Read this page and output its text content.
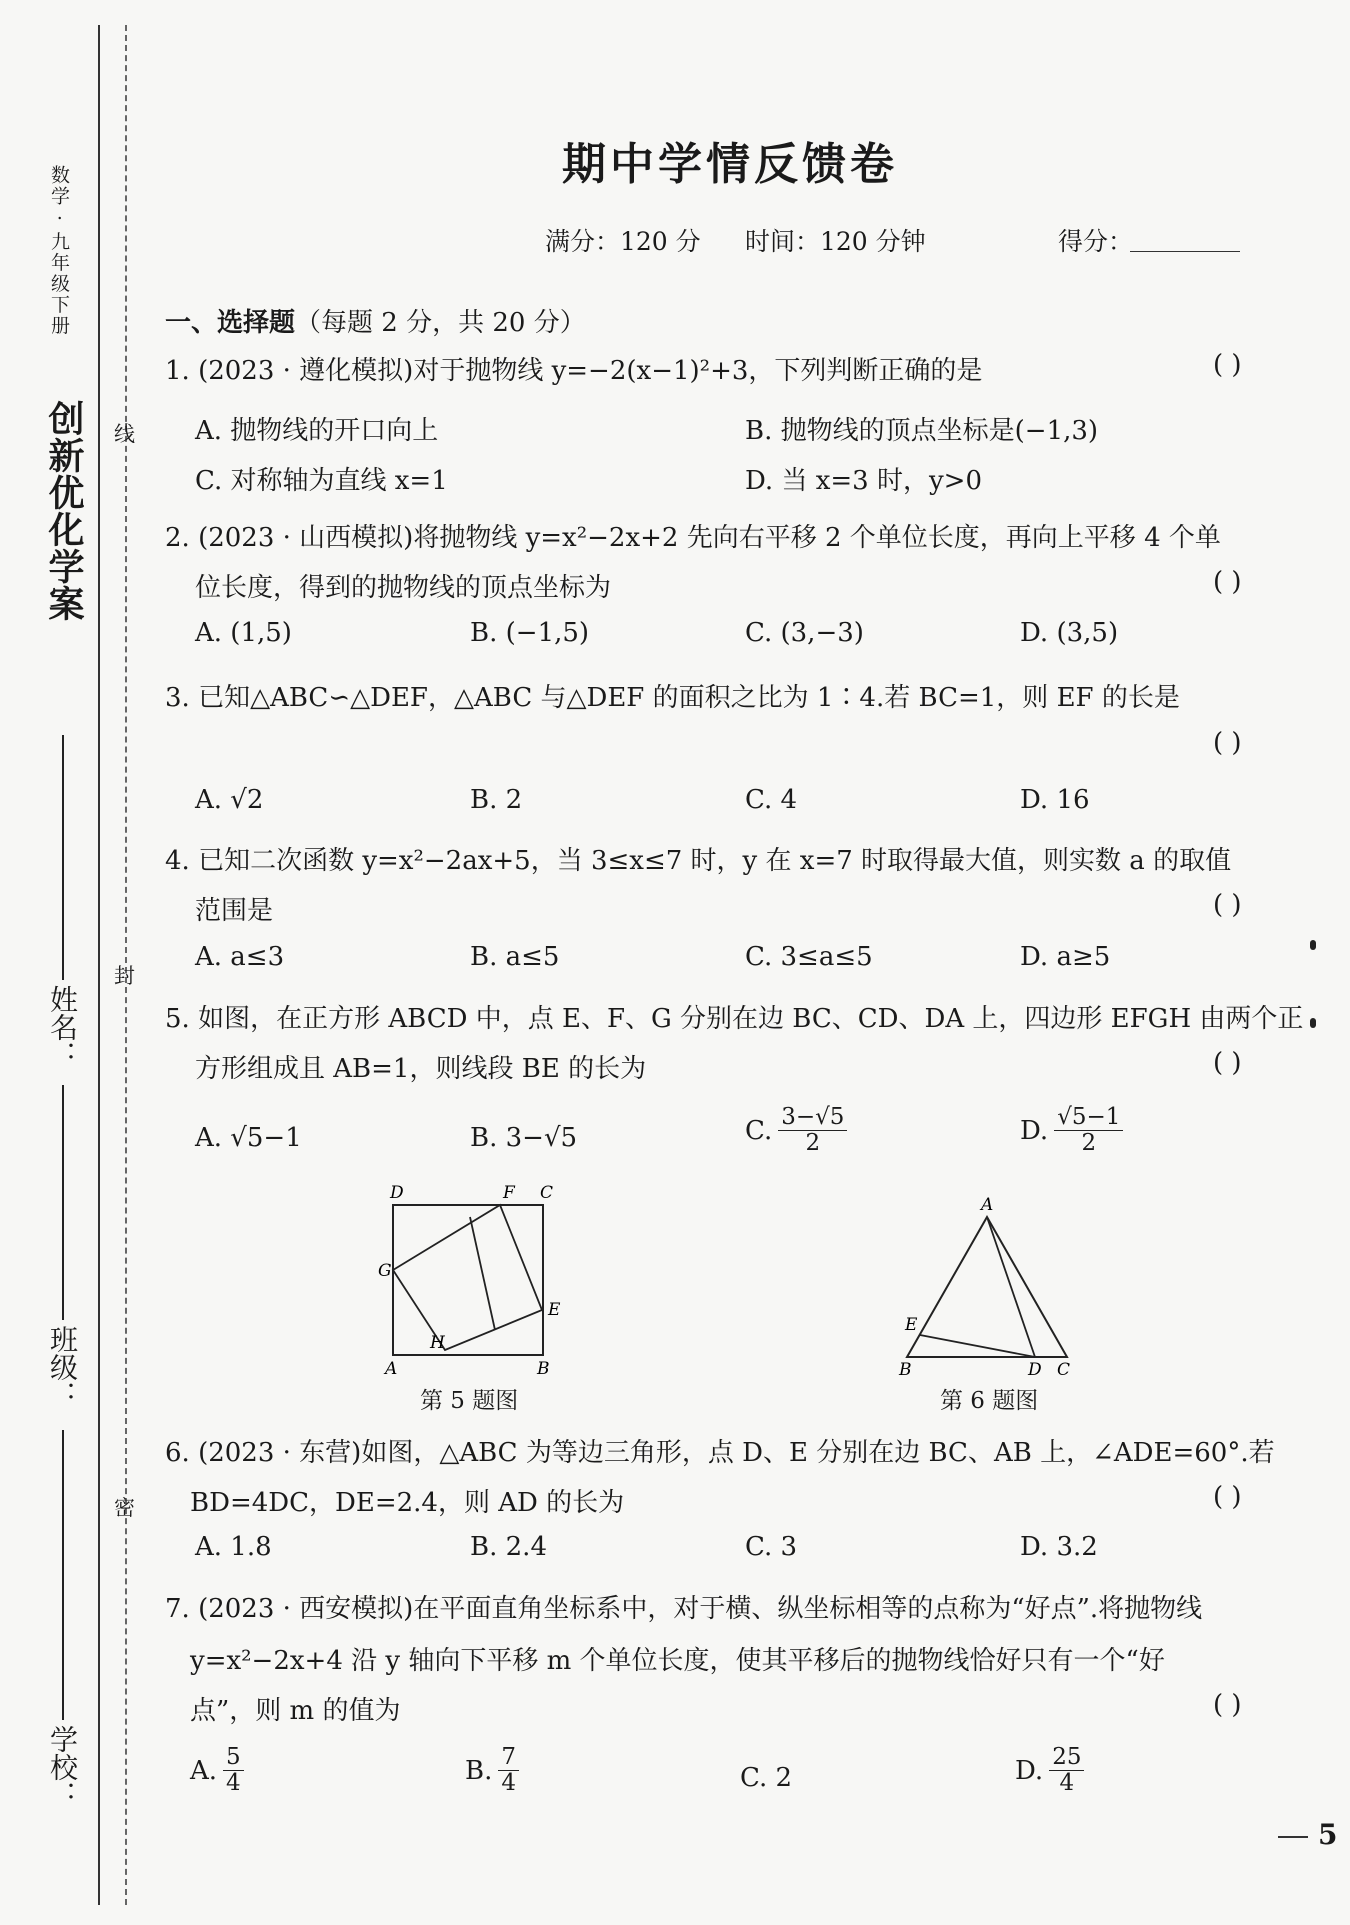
数学 · 九年级下册
创新优化学案
姓名：
班级：
学校：
线
封
密
期中学情反馈卷
满分：120 分 时间：120 分钟	得分：
一、选择题（每题 2 分，共 20 分）
1. (2023 · 遵化模拟)对于抛物线 y=−2(x−1)²+3，下列判断正确的是	( )
A. 抛物线的开口向上	B. 抛物线的顶点坐标是(−1,3)
C. 对称轴为直线 x=1	D. 当 x=3 时，y>0
2. (2023 · 山西模拟)将抛物线 y=x²−2x+2 先向右平移 2 个单位长度，再向上平移 4 个单
位长度，得到的抛物线的顶点坐标为	( )
A. (1,5)	B. (−1,5)	C. (3,−3)	D. (3,5)
3. 已知△ABC∽△DEF，△ABC 与△DEF 的面积之比为 1∶4.若 BC=1，则 EF 的长是
( )
A. √2	B. 2	C. 4	D. 16
4. 已知二次函数 y=x²−2ax+5，当 3≤x≤7 时，y 在 x=7 时取得最大值，则实数 a 的取值
范围是	( )
A. a≤3	B. a≤5	C. 3≤a≤5	D. a≥5
5. 如图，在正方形 ABCD 中，点 E、F、G 分别在边 BC、CD、DA 上，四边形 EFGH 由两个正
方形组成且 AB=1，则线段 BE 的长为	( )
A. √5−1	B. 3−√5	C. $\frac{3-√5}{2}$	D. $\frac{√5-1}{2}$
D	F C
G
E
H
A	B
第 5 题图
A
E
B	D C
第 6 题图
6. (2023 · 东营)如图，△ABC 为等边三角形，点 D、E 分别在边 BC、AB 上，∠ADE=60°.若
BD=4DC，DE=2.4，则 AD 的长为	( )
A. 1.8	B. 2.4	C. 3	D. 3.2
7. (2023 · 西安模拟)在平面直角坐标系中，对于横、纵坐标相等的点称为“好点”.将抛物线
y=x²−2x+4 沿 y 轴向下平移 m 个单位长度，使其平移后的抛物线恰好只有一个“好
点”，则 m 的值为	( )
A. $\frac{5}{4}$	B. $\frac{7}{4}$	C. 2	D. $\frac{25}{4}$
5
